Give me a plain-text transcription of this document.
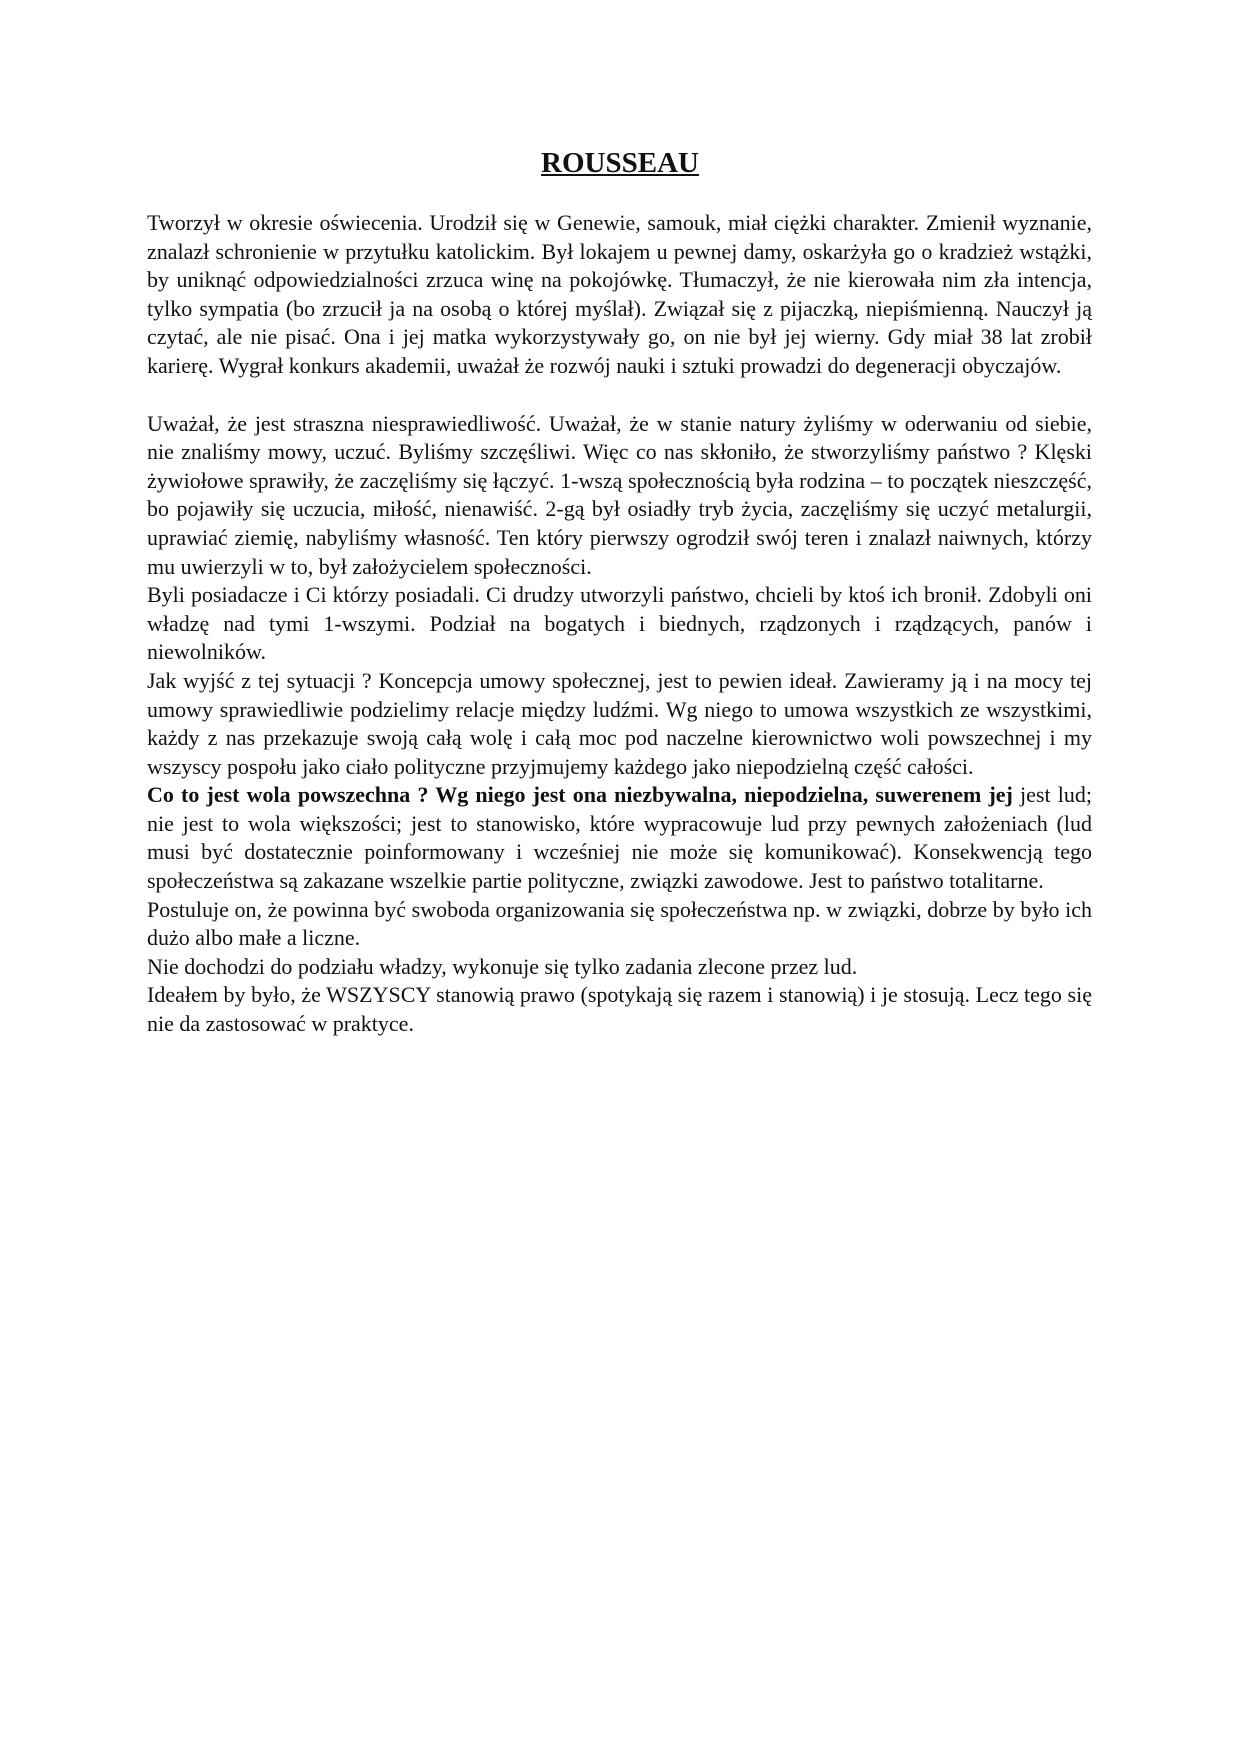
ROUSSEAU

Tworzył w okresie oświecenia. Urodził się w Genewie, samouk, miał ciężki charakter. Zmienił wyznanie, znalazł schronienie w przytułku katolickim. Był lokajem u pewnej damy, oskarżyła go o kradzież wstążki, by uniknąć odpowiedzialności zrzuca winę na pokojówkę. Tłumaczył, że nie kierowała nim zła intencja, tylko sympatia (bo zrzucił ja na osobą o której myślał). Związał się z pijaczką, niepiśmienną. Nauczył ją czytać, ale nie pisać. Ona i jej matka wykorzystywały go, on nie był jej wierny. Gdy miał 38 lat zrobił karierę. Wygrał konkurs akademii, uważał że rozwój nauki i sztuki prowadzi do degeneracji obyczajów.

Uważał, że jest straszna niesprawiedliwość. Uważał, że w stanie natury żyliśmy w oderwaniu od siebie, nie znaliśmy mowy, uczuć. Byliśmy szczęśliwi. Więc co nas skłoniło, że stworzyliśmy państwo ? Klęski żywiołowe sprawiły, że zaczęliśmy się łączyć. 1-wszą społecznością była rodzina – to początek nieszczęść, bo pojawiły się uczucia, miłość, nienawiść. 2-gą był osiadły tryb życia, zaczęliśmy się uczyć metalurgii, uprawiać ziemię, nabyliśmy własność. Ten który pierwszy ogrodził swój teren i znalazł naiwnych, którzy mu uwierzyli w to, był założycielem społeczności.

Byli posiadacze i Ci którzy posiadali. Ci drudzy utworzyli państwo, chcieli by ktoś ich bronił. Zdobyli oni władzę nad tymi 1-wszymi. Podział na bogatych i biednych, rządzonych i rządzących, panów i niewolników.

Jak wyjść z tej sytuacji ? Koncepcja umowy społecznej, jest to pewien ideał. Zawieramy ją i na mocy tej umowy sprawiedliwie podzielimy relacje między ludźmi. Wg niego to umowa wszystkich ze wszystkimi, każdy z nas przekazuje swoją całą wolę i całą moc pod naczelne kierownictwo woli powszechnej i my wszyscy pospołu jako ciało polityczne przyjmujemy każdego jako niepodzielną część całości.

Co to jest wola powszechna ? Wg niego jest ona niezbywalna, niepodzielna, suwerenem jej jest lud; nie jest to wola większości; jest to stanowisko, które wypracowuje lud przy pewnych założeniach (lud musi być dostatecznie poinformowany i wcześniej nie może się komunikować). Konsekwencją tego społeczeństwa są zakazane wszelkie partie polityczne, związki zawodowe. Jest to państwo totalitarne.

Postuluje on, że powinna być swoboda organizowania się społeczeństwa np. w związki, dobrze by było ich dużo albo małe a liczne.

Nie dochodzi do podziału władzy, wykonuje się tylko zadania zlecone przez lud.

Ideałem by było, że WSZYSCY stanowią prawo (spotykają się razem i stanowią) i je stosują. Lecz tego się nie da zastosować w praktyce.
